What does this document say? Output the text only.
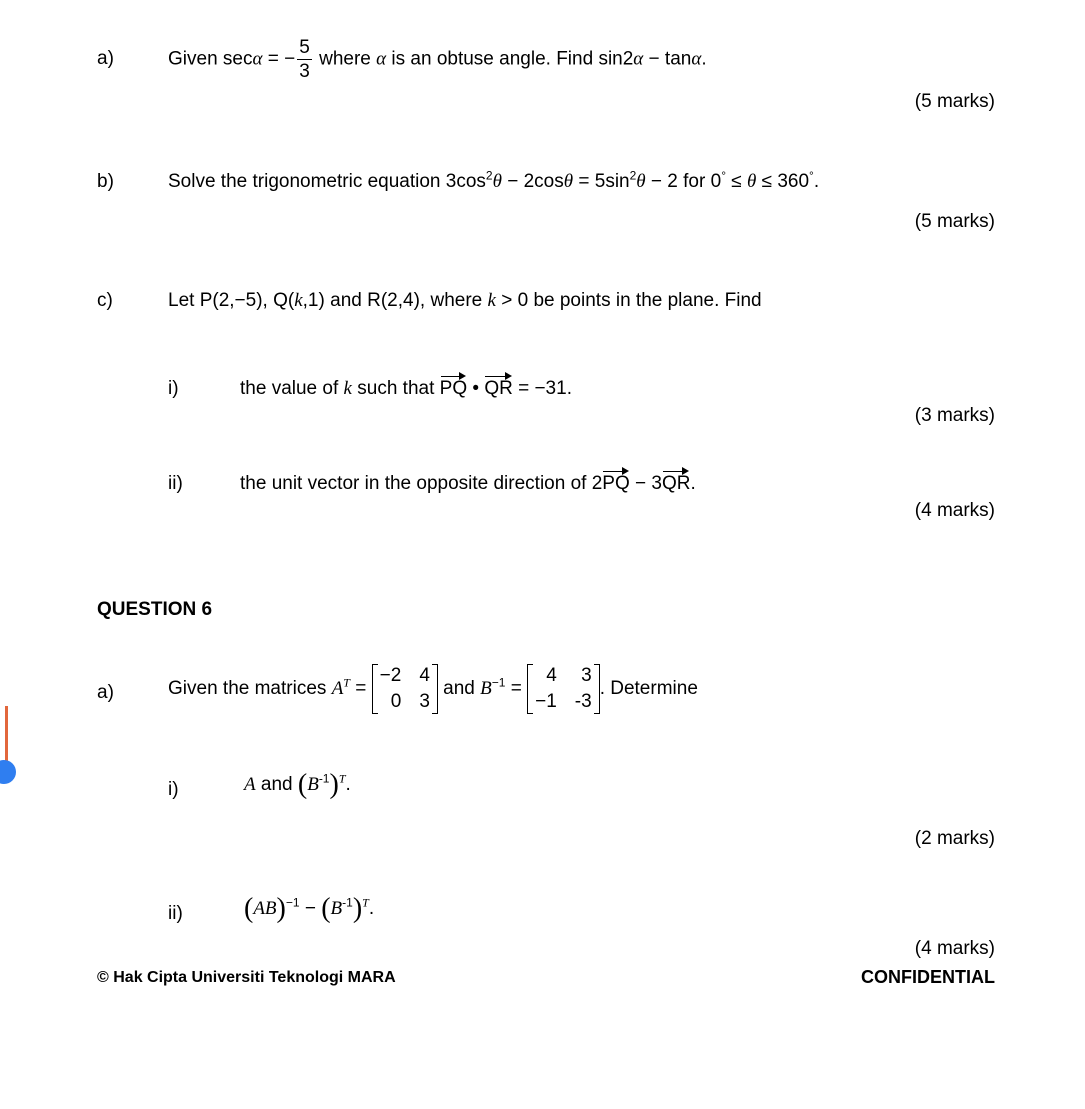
a)	Given secα = − $\frac{5}{3}$ where α is an obtuse angle. Find sin2α − tanα.
(5 marks)
b)	Solve the trigonometric equation $3\cos^2\theta - 2\cos\theta = 5\sin^2\theta - 2$ for 0° ≤ θ ≤ 360°.
(5 marks)
c)	Let P(2,−5), Q(k,1) and R(2,4), where k > 0 be points in the plane. Find
i)	the value of k such that PQ • QR = −31.
(3 marks)
ii)	the unit vector in the opposite direction of 2PQ − 3QR.
(4 marks)
QUESTION 6
a)	Given the matrices $A^T$ =
−2 4
0 3
and $B^{-1}$ =
4	3
−1 -3
. Determine
i)	A and $(B^{-1})^T$.
(2 marks)
ii) $(AB)^{-1} - (B^{-1})^T$.
(4 marks)
© Hak Cipta Universiti Teknologi MARA	CONFIDENTIAL
